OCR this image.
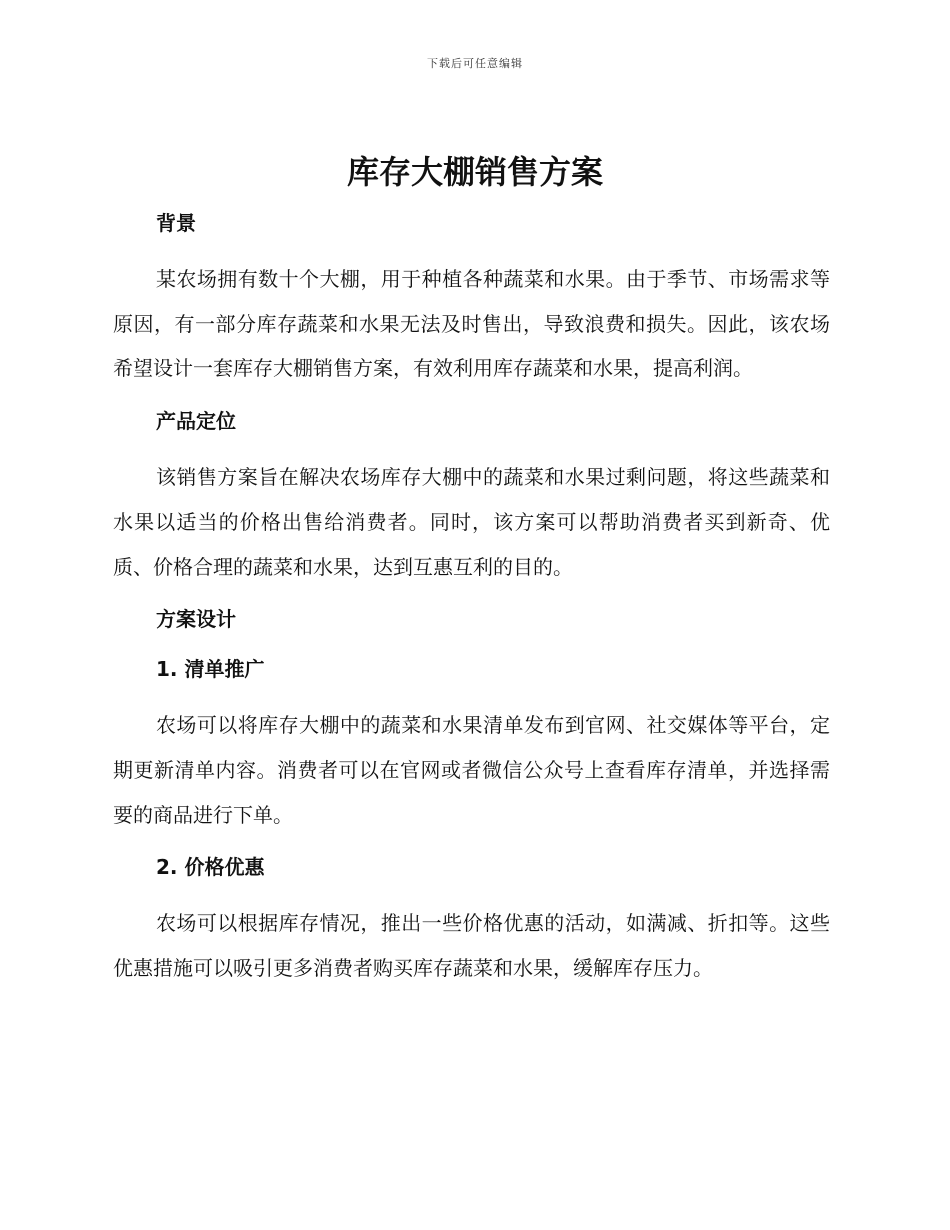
下载后可任意编辑
库存大棚销售方案
背景

某农场拥有数十个大棚，用于种植各种蔬菜和水果。由于季节、市场需求等原因，有一部分库存蔬菜和水果无法及时售出，导致浪费和损失。因此，该农场希望设计一套库存大棚销售方案，有效利用库存蔬菜和水果，提高利润。

产品定位

该销售方案旨在解决农场库存大棚中的蔬菜和水果过剩问题，将这些蔬菜和水果以适当的价格出售给消费者。同时，该方案可以帮助消费者买到新奇、优质、价格合理的蔬菜和水果，达到互惠互利的目的。

方案设计
1. 清单推广

农场可以将库存大棚中的蔬菜和水果清单发布到官网、社交媒体等平台，定期更新清单内容。消费者可以在官网或者微信公众号上查看库存清单，并选择需要的商品进行下单。

2. 价格优惠

农场可以根据库存情况，推出一些价格优惠的活动，如满减、折扣等。这些优惠措施可以吸引更多消费者购买库存蔬菜和水果，缓解库存压力。
